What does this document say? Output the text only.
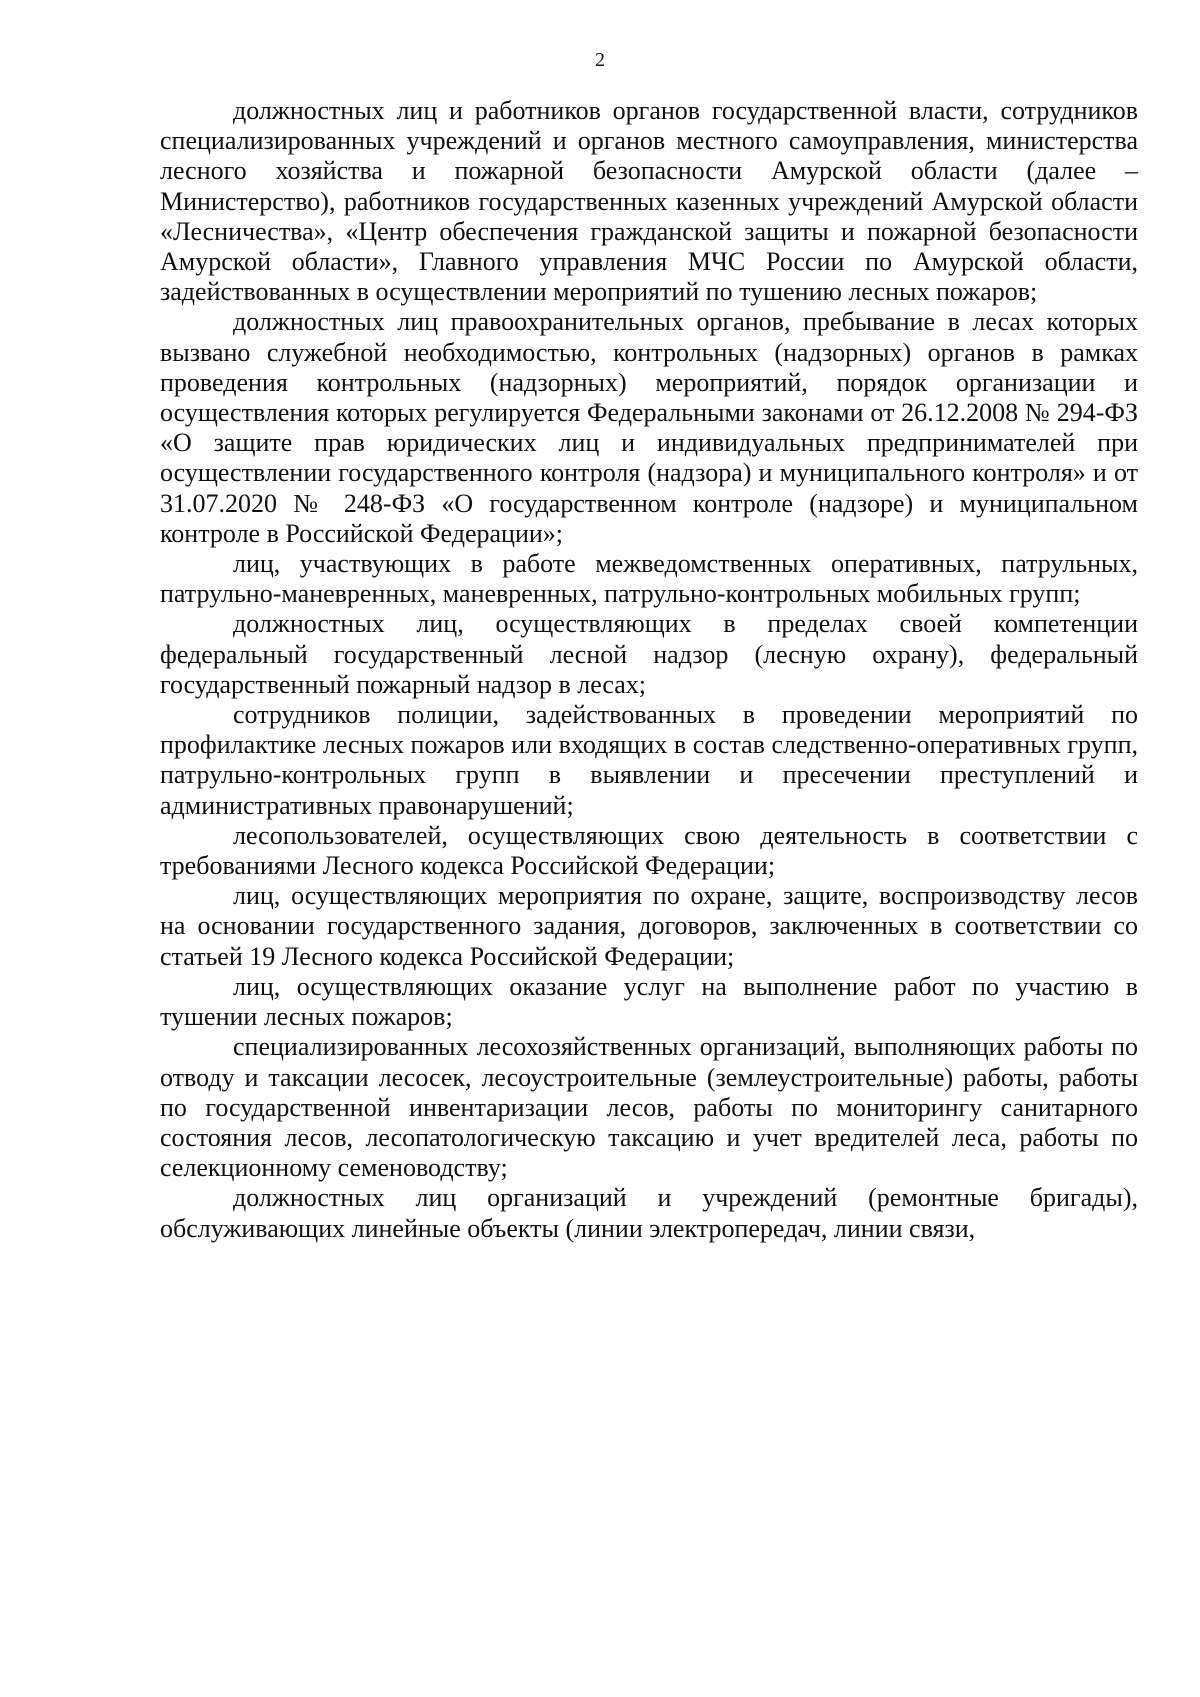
2

должностных лиц и работников органов государственной власти, сотрудников специализированных учреждений и органов местного самоуправления, министерства лесного хозяйства и пожарной безопасности Амурской области (далее – Министерство), работников государственных казенных учреждений Амурской области «Лесничества», «Центр обеспечения гражданской защиты и пожарной безопасности Амурской области», Главного управления МЧС России по Амурской области, задействованных в осуществлении мероприятий по тушению лесных пожаров;

должностных лиц правоохранительных органов, пребывание в лесах которых вызвано служебной необходимостью, контрольных (надзорных) органов в рамках проведения контрольных (надзорных) мероприятий, порядок организации и осуществления которых регулируется Федеральными законами от 26.12.2008 № 294-ФЗ «О защите прав юридических лиц и индивидуальных предпринимателей при осуществлении государственного контроля (надзора) и муниципального контроля» и от 31.07.2020 № 248-ФЗ «О государственном контроле (надзоре) и муниципальном контроле в Российской Федерации»;

лиц, участвующих в работе межведомственных оперативных, патрульных, патрульно-маневренных, маневренных, патрульно-контрольных мобильных групп;

должностных лиц, осуществляющих в пределах своей компетенции федеральный государственный лесной надзор (лесную охрану), федеральный государственный пожарный надзор в лесах;

сотрудников полиции, задействованных в проведении мероприятий по профилактике лесных пожаров или входящих в состав следственно-оперативных групп, патрульно-контрольных групп в выявлении и пресечении преступлений и административных правонарушений;

лесопользователей, осуществляющих свою деятельность в соответствии с требованиями Лесного кодекса Российской Федерации;

лиц, осуществляющих мероприятия по охране, защите, воспроизводству лесов на основании государственного задания, договоров, заключенных в соответствии со статьей 19 Лесного кодекса Российской Федерации;

лиц, осуществляющих оказание услуг на выполнение работ по участию в тушении лесных пожаров;

специализированных лесохозяйственных организаций, выполняющих работы по отводу и таксации лесосек, лесоустроительные (землеустроительные) работы, работы по государственной инвентаризации лесов, работы по мониторингу санитарного состояния лесов, лесопатологическую таксацию и учет вредителей леса, работы по селекционному семеноводству;

должностных лиц организаций и учреждений (ремонтные бригады), обслуживающих линейные объекты (линии электропередач, линии связи,
